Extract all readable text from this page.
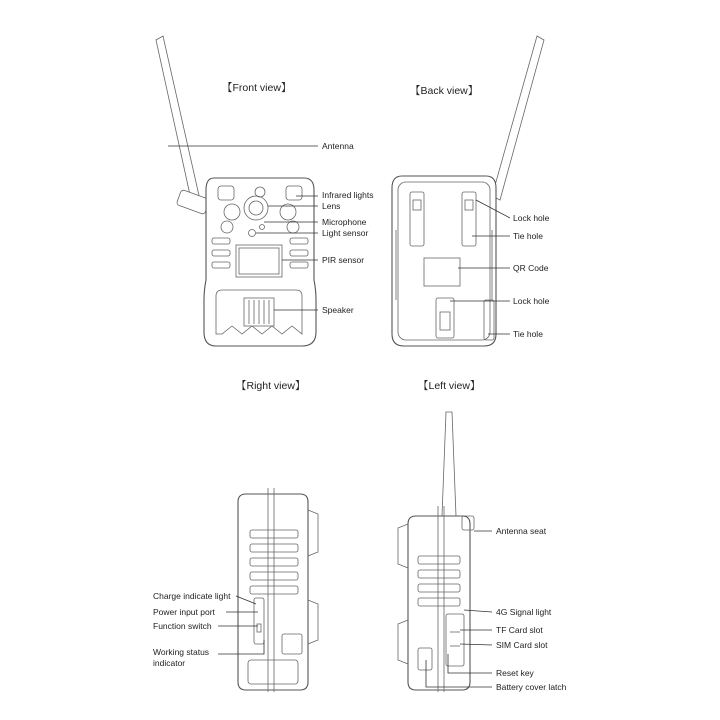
【Front view】	【Back view】
【Right view】	【Left view】
Antenna
Infrared lights
Lens
Microphone
Light sensor
PIR sensor
Speaker
Lock hole
Tie hole
QR Code
Lock hole
Tie hole
Charge indicate light
Power input port
Function switch
Working status
indicator
Antenna seat
4G Signal light
TF Card slot
SIM Card slot
Reset key
Battery cover latch
